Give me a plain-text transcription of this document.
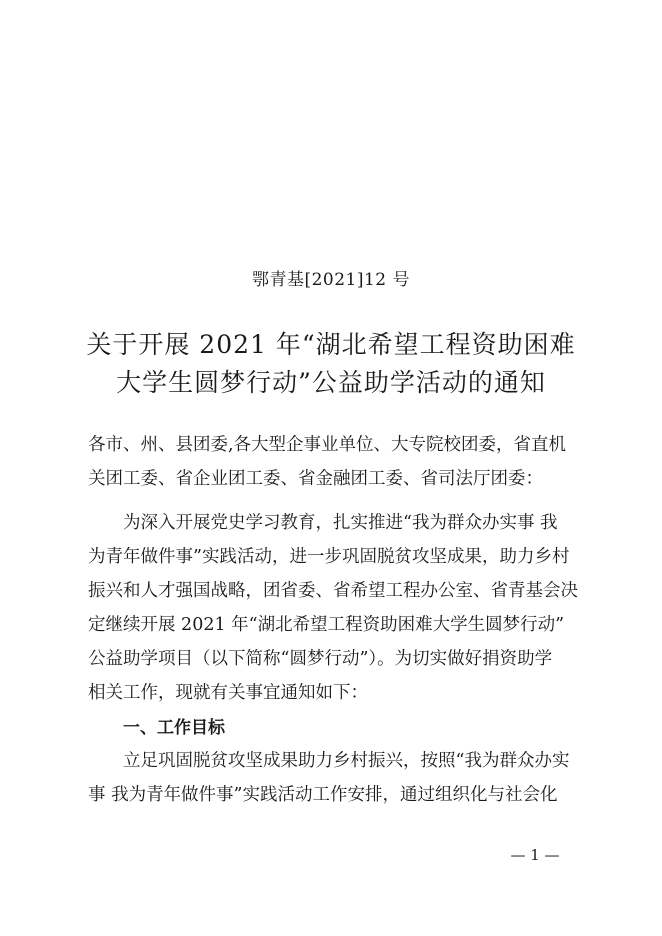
鄂青基[2021]12 号
关于开展 2021 年“湖北希望工程资助困难
大学生圆梦行动”公益助学活动的通知
各市、州、县团委,各大型企事业单位、大专院校团委，省直机
关团工委、省企业团工委、省金融团工委、省司法厅团委：
为深入开展党史学习教育，扎实推进“我为群众办实事 我
为青年做件事”实践活动，进一步巩固脱贫攻坚成果，助力乡村
振兴和人才强国战略，团省委、省希望工程办公室、省青基会决
定继续开展 2021 年“湖北希望工程资助困难大学生圆梦行动”
公益助学项目（以下简称“圆梦行动”）。为切实做好捐资助学
相关工作，现就有关事宜通知如下：
一、工作目标
立足巩固脱贫攻坚成果助力乡村振兴，按照“我为群众办实
事 我为青年做件事”实践活动工作安排，通过组织化与社会化
— 1 —
